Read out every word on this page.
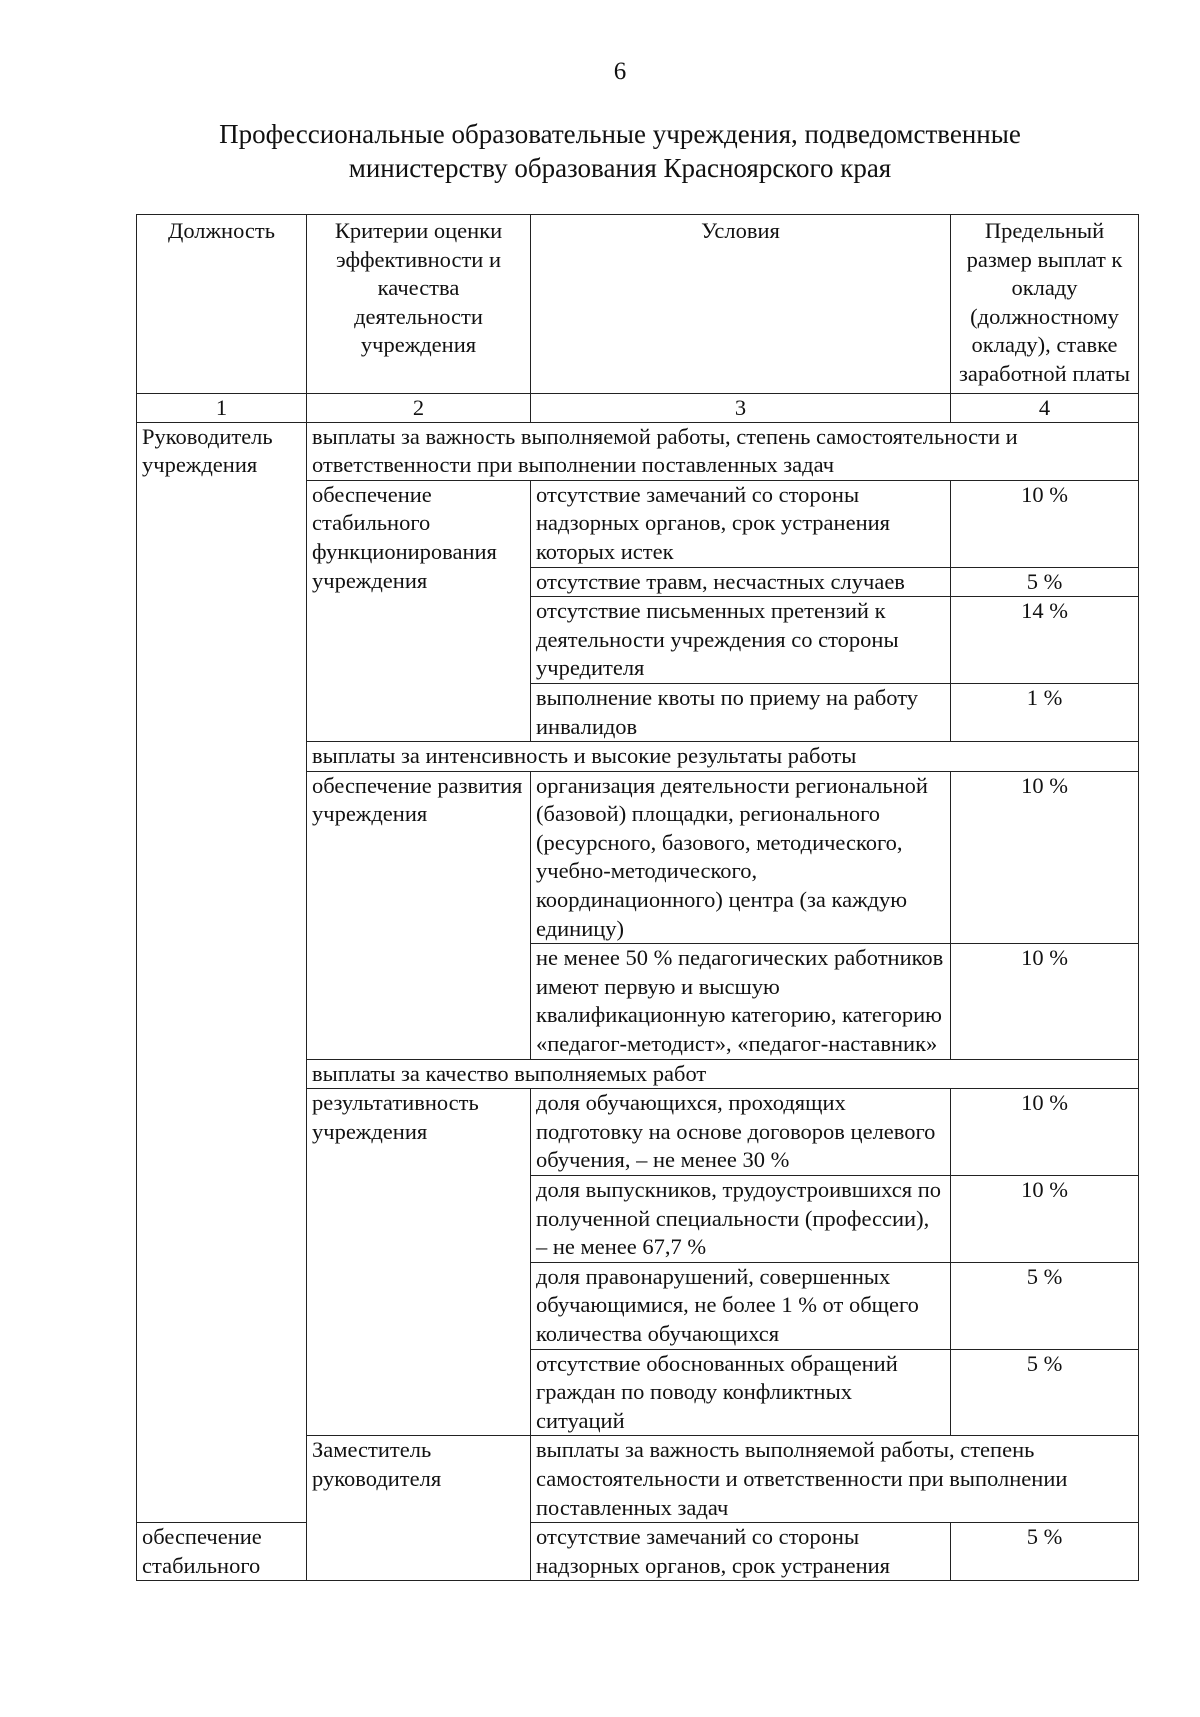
6
Профессиональные образовательные учреждения, подведомственные
министерству образования Красноярского края
Должность	Критерии оценки эффективности и качества деятельности учреждения	Условия	Предельный размер выплат к окладу (должностному окладу), ставке заработной платы
1	2	3	4
Руководитель учреждения	выплаты за важность выполняемой работы, степень самостоятельности и ответственности при выполнении поставленных задач		
	обеспечение стабильного функционирования учреждения	отсутствие замечаний со стороны надзорных органов, срок устранения которых истек	10 %
		отсутствие травм, несчастных случаев	5 %
		отсутствие письменных претензий к деятельности учреждения со стороны учредителя	14 %
		выполнение квоты по приему на работу инвалидов	1 %
	выплаты за интенсивность и высокие результаты работы		
	обеспечение развития учреждения	организация деятельности региональной (базовой) площадки, регионального (ресурсного, базового, методического, учебно-методического, координационного) центра (за каждую единицу)	10 %
		не менее 50 % педагогических работников имеют первую и высшую квалификационную категорию, категорию «педагог-методист», «педагог-наставник»	10 %
	выплаты за качество выполняемых работ		
	результативность учреждения	доля обучающихся, проходящих подготовку на основе договоров целевого обучения, – не менее 30 %	10 %
		доля выпускников, трудоустроившихся по полученной специальности (профессии), – не менее 67,7 %	10 %
		доля правонарушений, совершенных обучающимися, не более 1 % от общего количества обучающихся	5 %
		отсутствие обоснованных обращений граждан по поводу конфликтных ситуаций	5 %
	Заместитель руководителя	выплаты за важность выполняемой работы, степень самостоятельности и ответственности при выполнении поставленных задач	
обеспечение стабильного		отсутствие замечаний со стороны надзорных органов, срок устранения	5 %
